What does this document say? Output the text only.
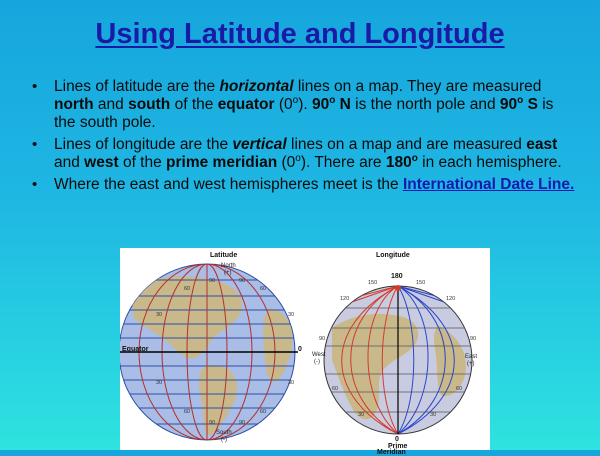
Using Latitude and Longitude
• Lines of latitude are the horizontal lines on a map. They are measured north and south of the equator (0$^o$). 90$^o$ N is the north pole and 90$^o$ S is the south pole.
• Lines of longitude are the vertical lines on a map and are measured east and west of the prime meridian (0$^o$). There are 180$^o$ in each hemisphere.
• Where the east and west hemispheres meet is the International Date Line.
Latitude
North
(+)
90	90
60	60
30	30
Equator	0
30	30
60	60
90	90
South
(-)
Longitude
180
150	150
120	120
90	90
West
(-)
East
(+)
60	60
30	30
0
Prime
Meridian
